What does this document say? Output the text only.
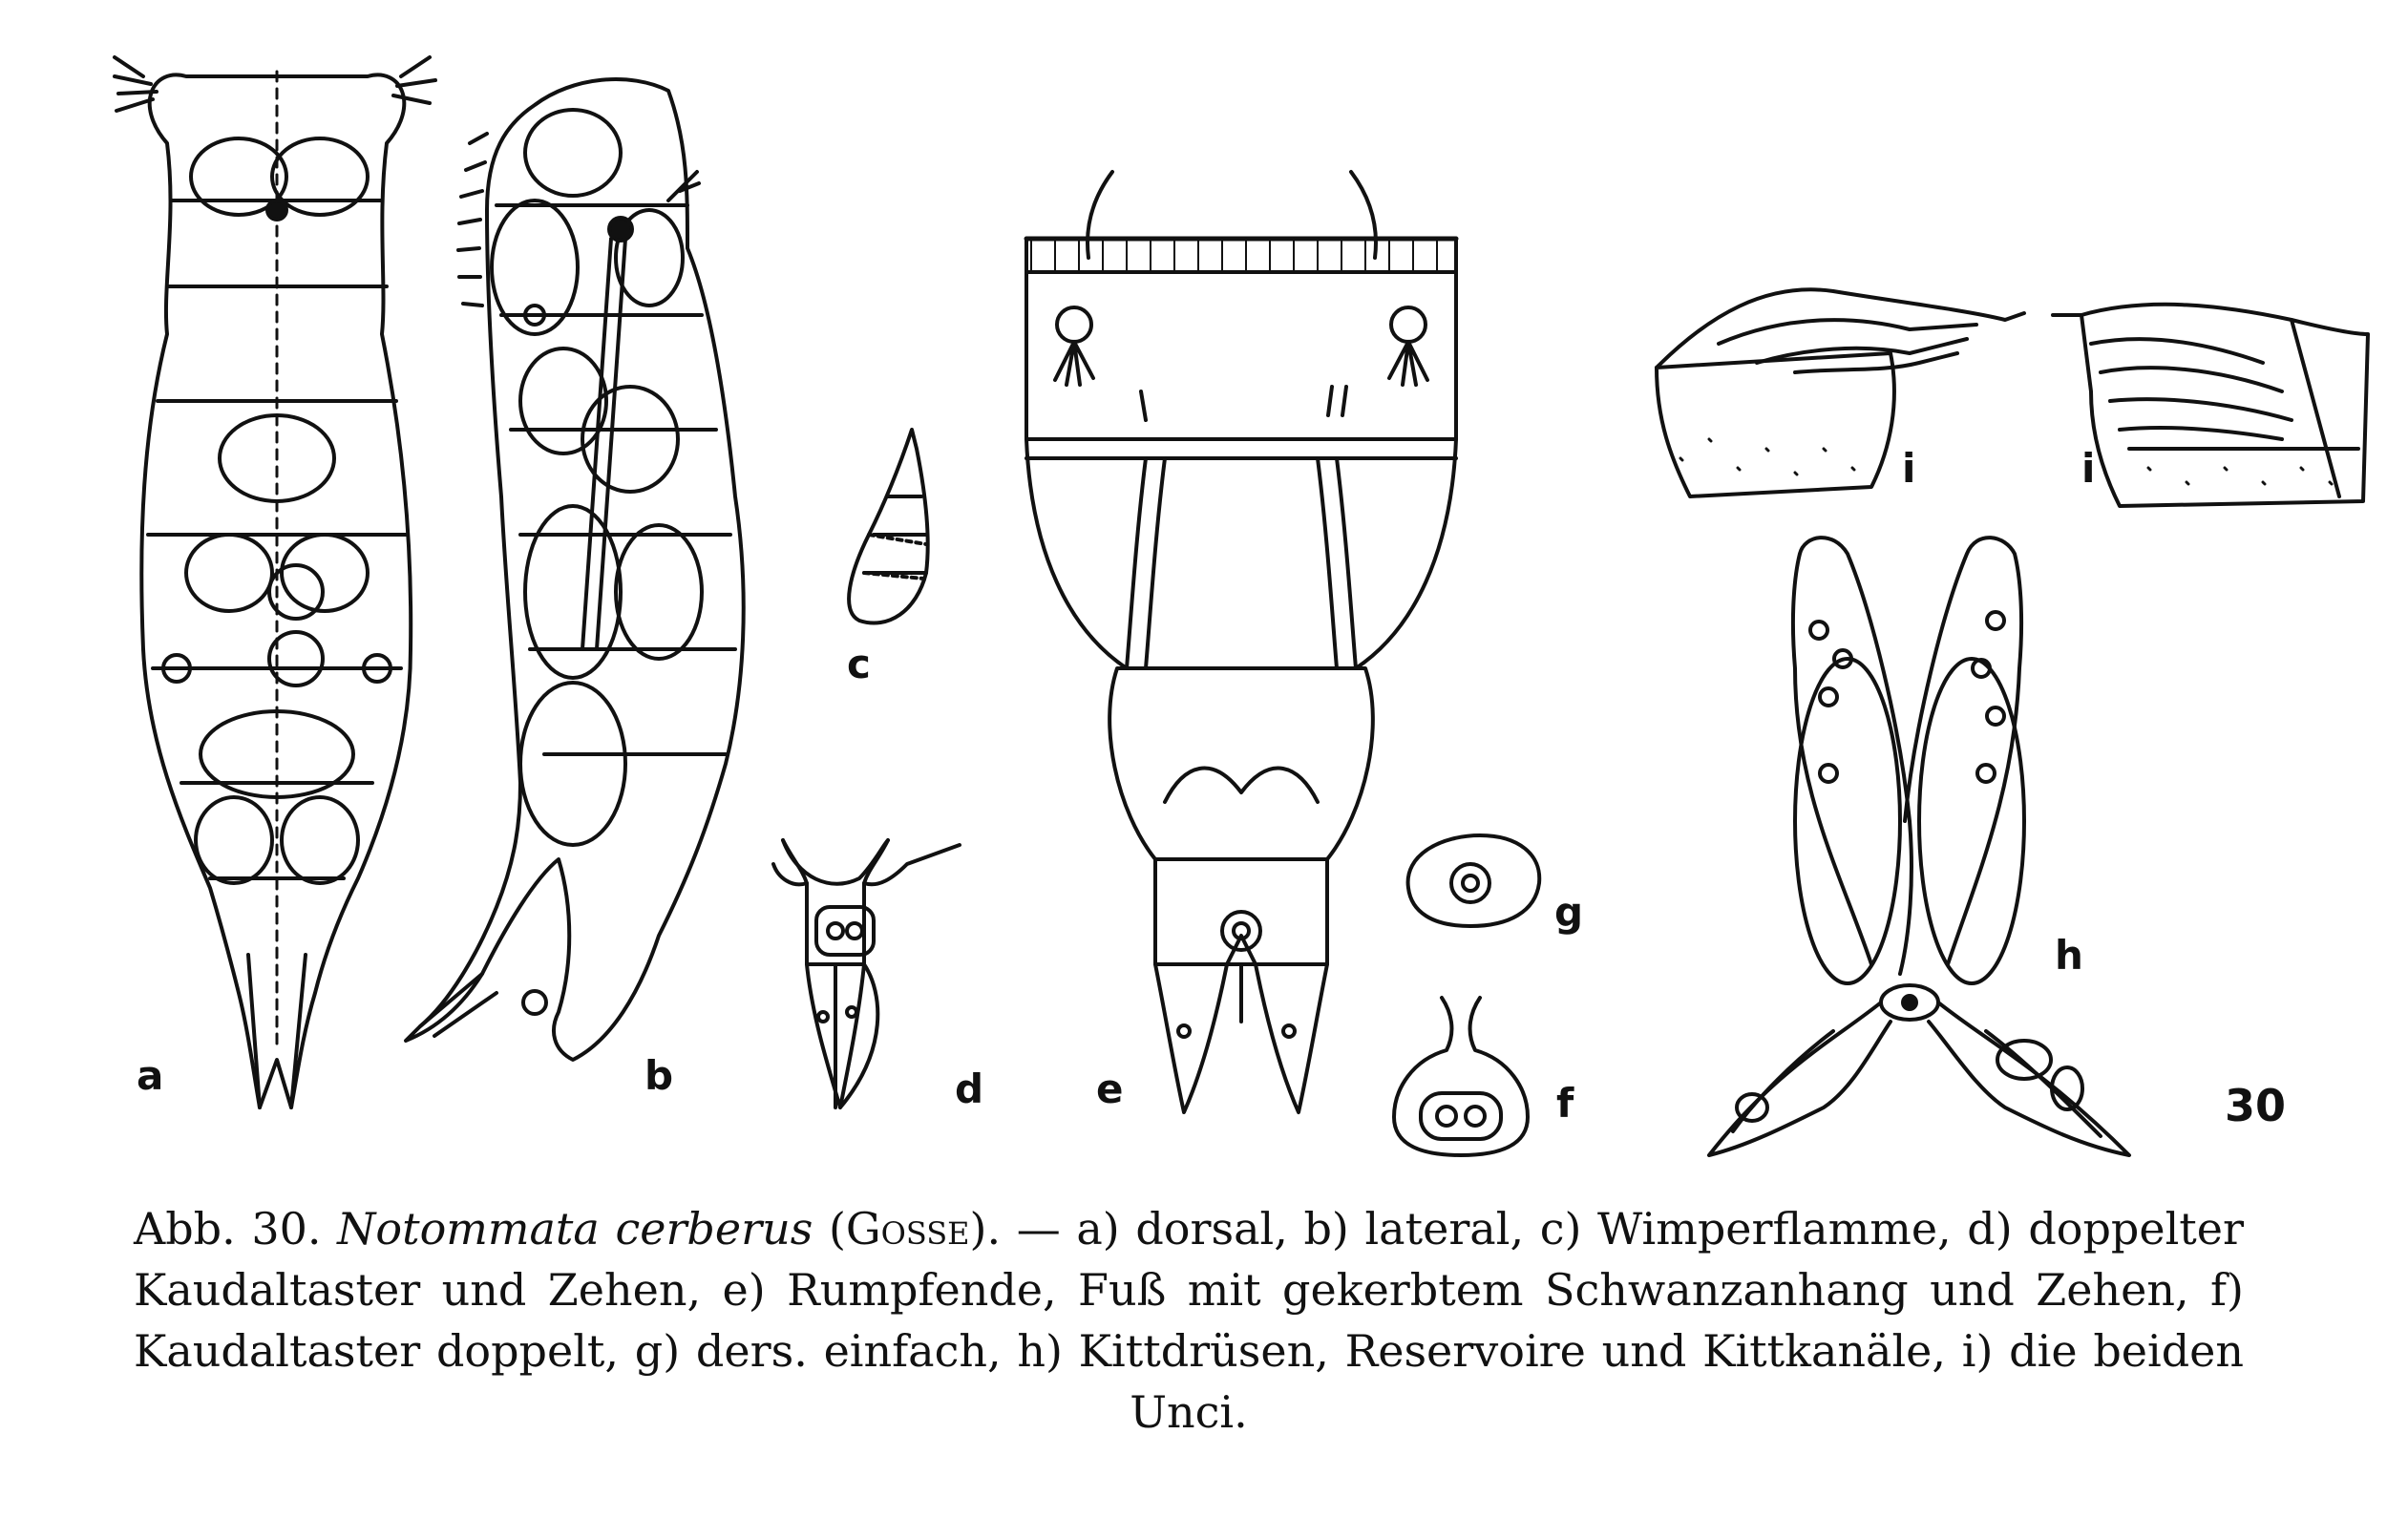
a	b
c
d	e	f
g
h
i	i
30
Abb. 30. Notommata cerberus (Gosse). — a) dorsal, b) lateral, c) Wimperflamme, d) doppelter Kaudaltaster und Zehen, e) Rumpfende, Fuß mit gekerbtem Schwanzanhang und Zehen, f) Kaudaltaster doppelt, g) ders. einfach, h) Kittdrüsen, Reservoire und Kittkanäle, i) die beiden Unci.
